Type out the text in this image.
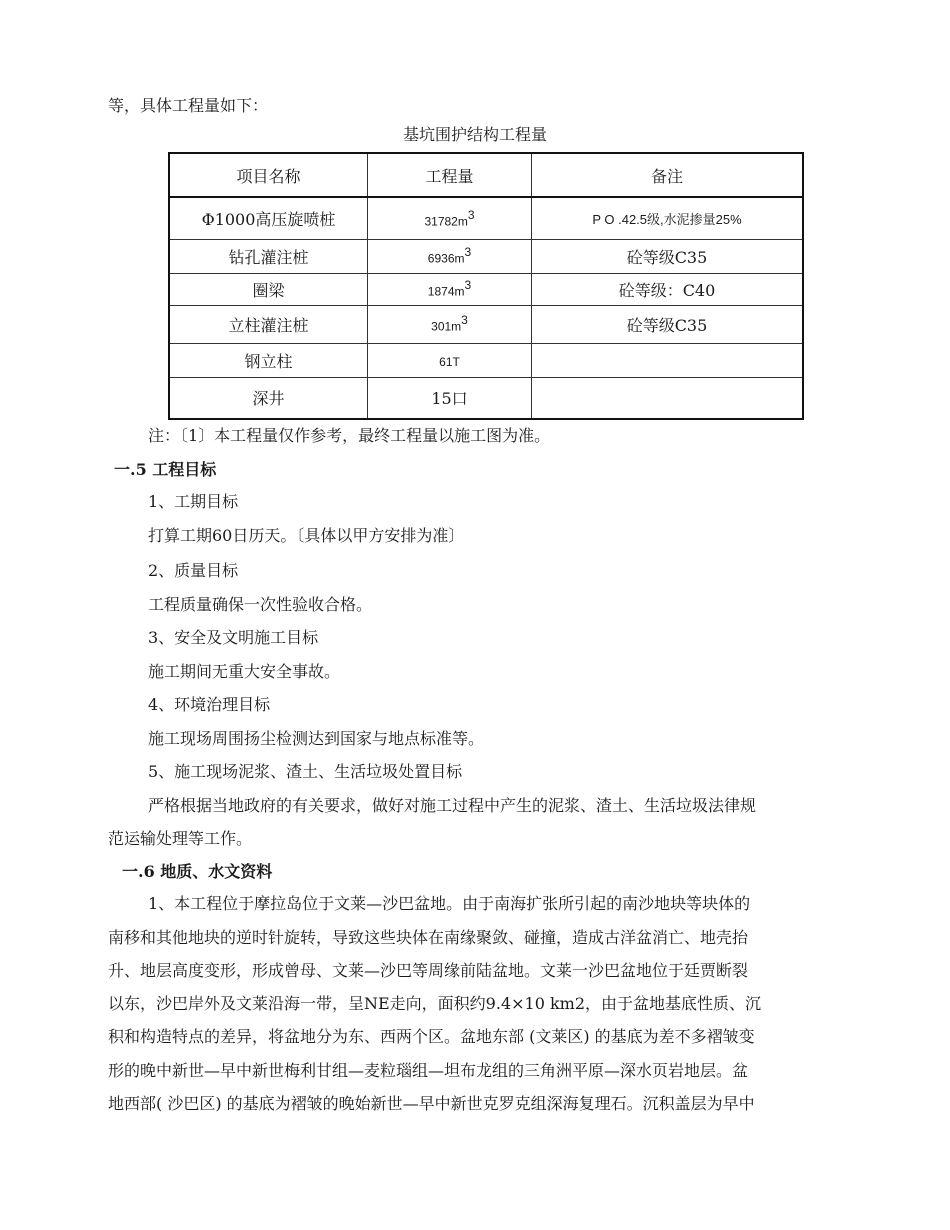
等，具体工程量如下：
基坑围护结构工程量
项目名称	工程量	备注
Φ1000高压旋喷桩	$31782m^3$	P O .42.5级,水泥掺量25%
钻孔灌注桩	$6936m^3$	砼等级C35
圈梁	$1874m^3$	砼等级：C40
立柱灌注桩	$301m^3$	砼等级C35
钢立柱	61T	
深井	15口	
注：〔1〕本工程量仅作参考，最终工程量以施工图为准。
一.5 工程目标
1、工期目标
打算工期60日历天。〔具体以甲方安排为准〕
2、质量目标
工程质量确保一次性验收合格。
3、安全及文明施工目标
施工期间无重大安全事故。
4、环境治理目标
施工现场周围扬尘检测达到国家与地点标准等。
5、施工现场泥浆、渣土、生活垃圾处置目标
严格根据当地政府的有关要求，做好对施工过程中产生的泥浆、渣土、生活垃圾法律规
范运输处理等工作。
一.6 地质、水文资料
1、本工程位于摩拉岛位于文莱—沙巴盆地。由于南海扩张所引起的南沙地块等块体的
南移和其他地块的逆时针旋转，导致这些块体在南缘聚敛、碰撞，造成古洋盆消亡、地壳抬
升、地层高度变形，形成曾母、文莱—沙巴等周缘前陆盆地。文莱一沙巴盆地位于廷贾断裂
以东，沙巴岸外及文莱沿海一带，呈NE走向，面积约9.4×10 km2，由于盆地基底性质、沉
积和构造特点的差异，将盆地分为东、西两个区。盆地东部 (文莱区) 的基底为差不多褶皱变
形的晚中新世—早中新世梅利甘组—麦粒瑙组—坦布龙组的三角洲平原—深水页岩地层。盆
地西部( 沙巴区) 的基底为褶皱的晚始新世—早中新世克罗克组深海复理石。沉积盖层为早中
